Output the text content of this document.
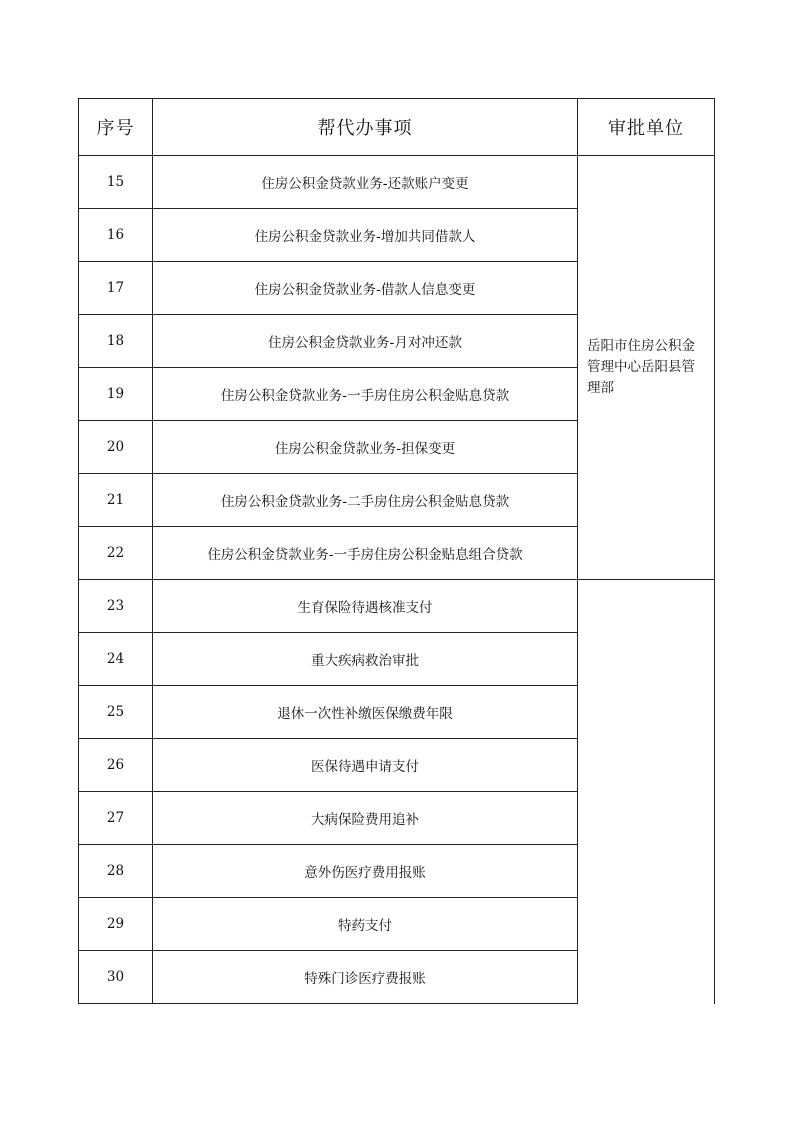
序号	帮代办事项	审批单位
15	住房公积金贷款业务-还款账户变更	岳阳市住房公积金管理中心岳阳县管理部
16	住房公积金贷款业务-增加共同借款人	
17	住房公积金贷款业务-借款人信息变更	
18	住房公积金贷款业务-月对冲还款	
19	住房公积金贷款业务-一手房住房公积金贴息贷款	
20	住房公积金贷款业务-担保变更	
21	住房公积金贷款业务-二手房住房公积金贴息贷款	
22	住房公积金贷款业务-一手房住房公积金贴息组合贷款	
23	生育保险待遇核准支付	
24	重大疾病救治审批	
25	退休一次性补缴医保缴费年限	
26	医保待遇申请支付	
27	大病保险费用追补	
28	意外伤医疗费用报账	
29	特药支付	
30	特殊门诊医疗费报账	
